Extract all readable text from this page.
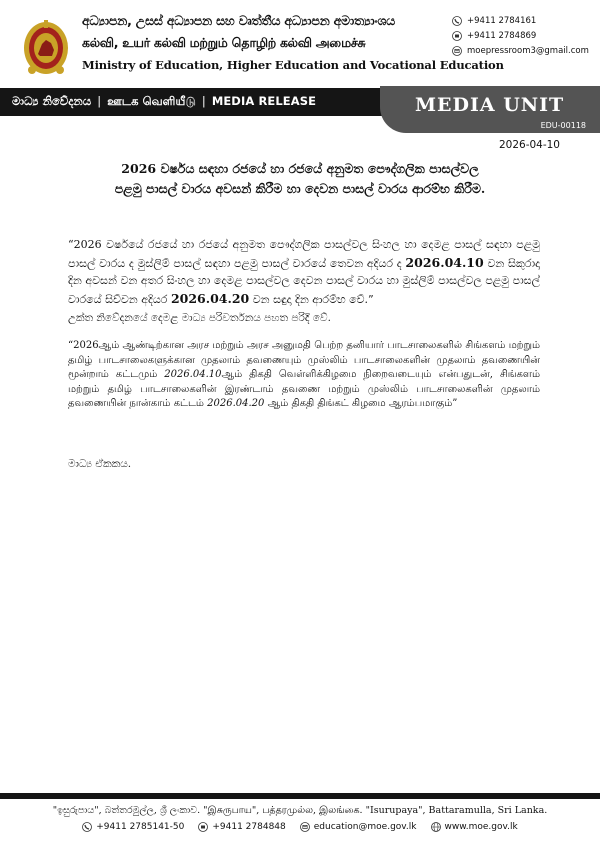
අධ්‍යාපන, උසස් අධ්‍යාපන සහ වෘත්තීය අධ්‍යාපන අමාත්‍යාංශය
கல்வி, உயர் கல்வி மற்றும் தொழிற் கல்வி அமைச்சு
Ministry of Education, Higher Education and Vocational Education
+9411 2784161
+9411 2784869
moepressroom3@gmail.com
මාධ්‍ය නිවේදනය | ஊடக வெளியீடு | MEDIA RELEASE	MEDIA UNIT
EDU-00118
2026-04-10
2026 වර්ෂය සඳහා රජයේ හා රජයේ අනුමත පෞද්ගලික පාසල්වල
පළමු පාසල් වාරය අවසන් කිරීම හා දෙවන පාසල් වාරය ආරම්භ කිරීම.
“2026 වර්ෂයේ රජයේ හා රජයේ අනුමත පෞද්ගලික පාසල්වල සිංහල හා දෙමළ පාසල් සඳහා පළමු පාසල් වාරය ද මුස්ලිම් පාසල් සඳහා පළමු පාසල් වාරයේ තෙවන අදියර ද 2026.04.10 වන සිකුරාදා දින අවසන් වන අතර සිංහල හා දෙමළ පාසල්වල දෙවන පාසල් වාරය හා මුස්ලිම් පාසල්වල පළමු පාසල් වාරයේ සිව්වන අදියර 2026.04.20 වන සඳුදා දින ආරම්භ වේ.”
උක්ත නිවේදනයේ දෙමළ මාධ්‍ය පරිවර්තනය පහත පරිදි වේ.
“2026ஆம் ஆண்டிற்கான அரச மற்றும் அரச அனுமதி பெற்ற தனியார் பாடசாலைகளில் சிங்களம் மற்றும் தமிழ் பாடசாலைகளுக்கான முதலாம் தவணையும் முஸ்லிம் பாடசாலைகளின் முதலாம் தவணையின் மூன்றாம் கட்டமும் 2026.04.10ஆம் திகதி வெள்ளிக்கிழமை நிறைவடையும் என்பதுடன், சிங்களம் மற்றும் தமிழ் பாடசாலைகளின் இரண்டாம் தவணை மற்றும் முஸ்லிம் பாடசாலைகளின் முதலாம் தவணையின் நான்காம் கட்டம் 2026.04.20 ஆம் திகதி திங்கட் கிழமை ஆரம்பமாகும்”
මාධ්‍ය ඒකකය.
"ඉසුරුපාය", බත්තරමුල්ල, ශ්‍රී ලංකාව. "இசுருபாய", பத்தரமுல்ல, இலங்கை. "Isurupaya", Battaramulla, Sri Lanka.
+9411 2785141-50	+9411 2784848	education@moe.gov.lk	www.moe.gov.lk
